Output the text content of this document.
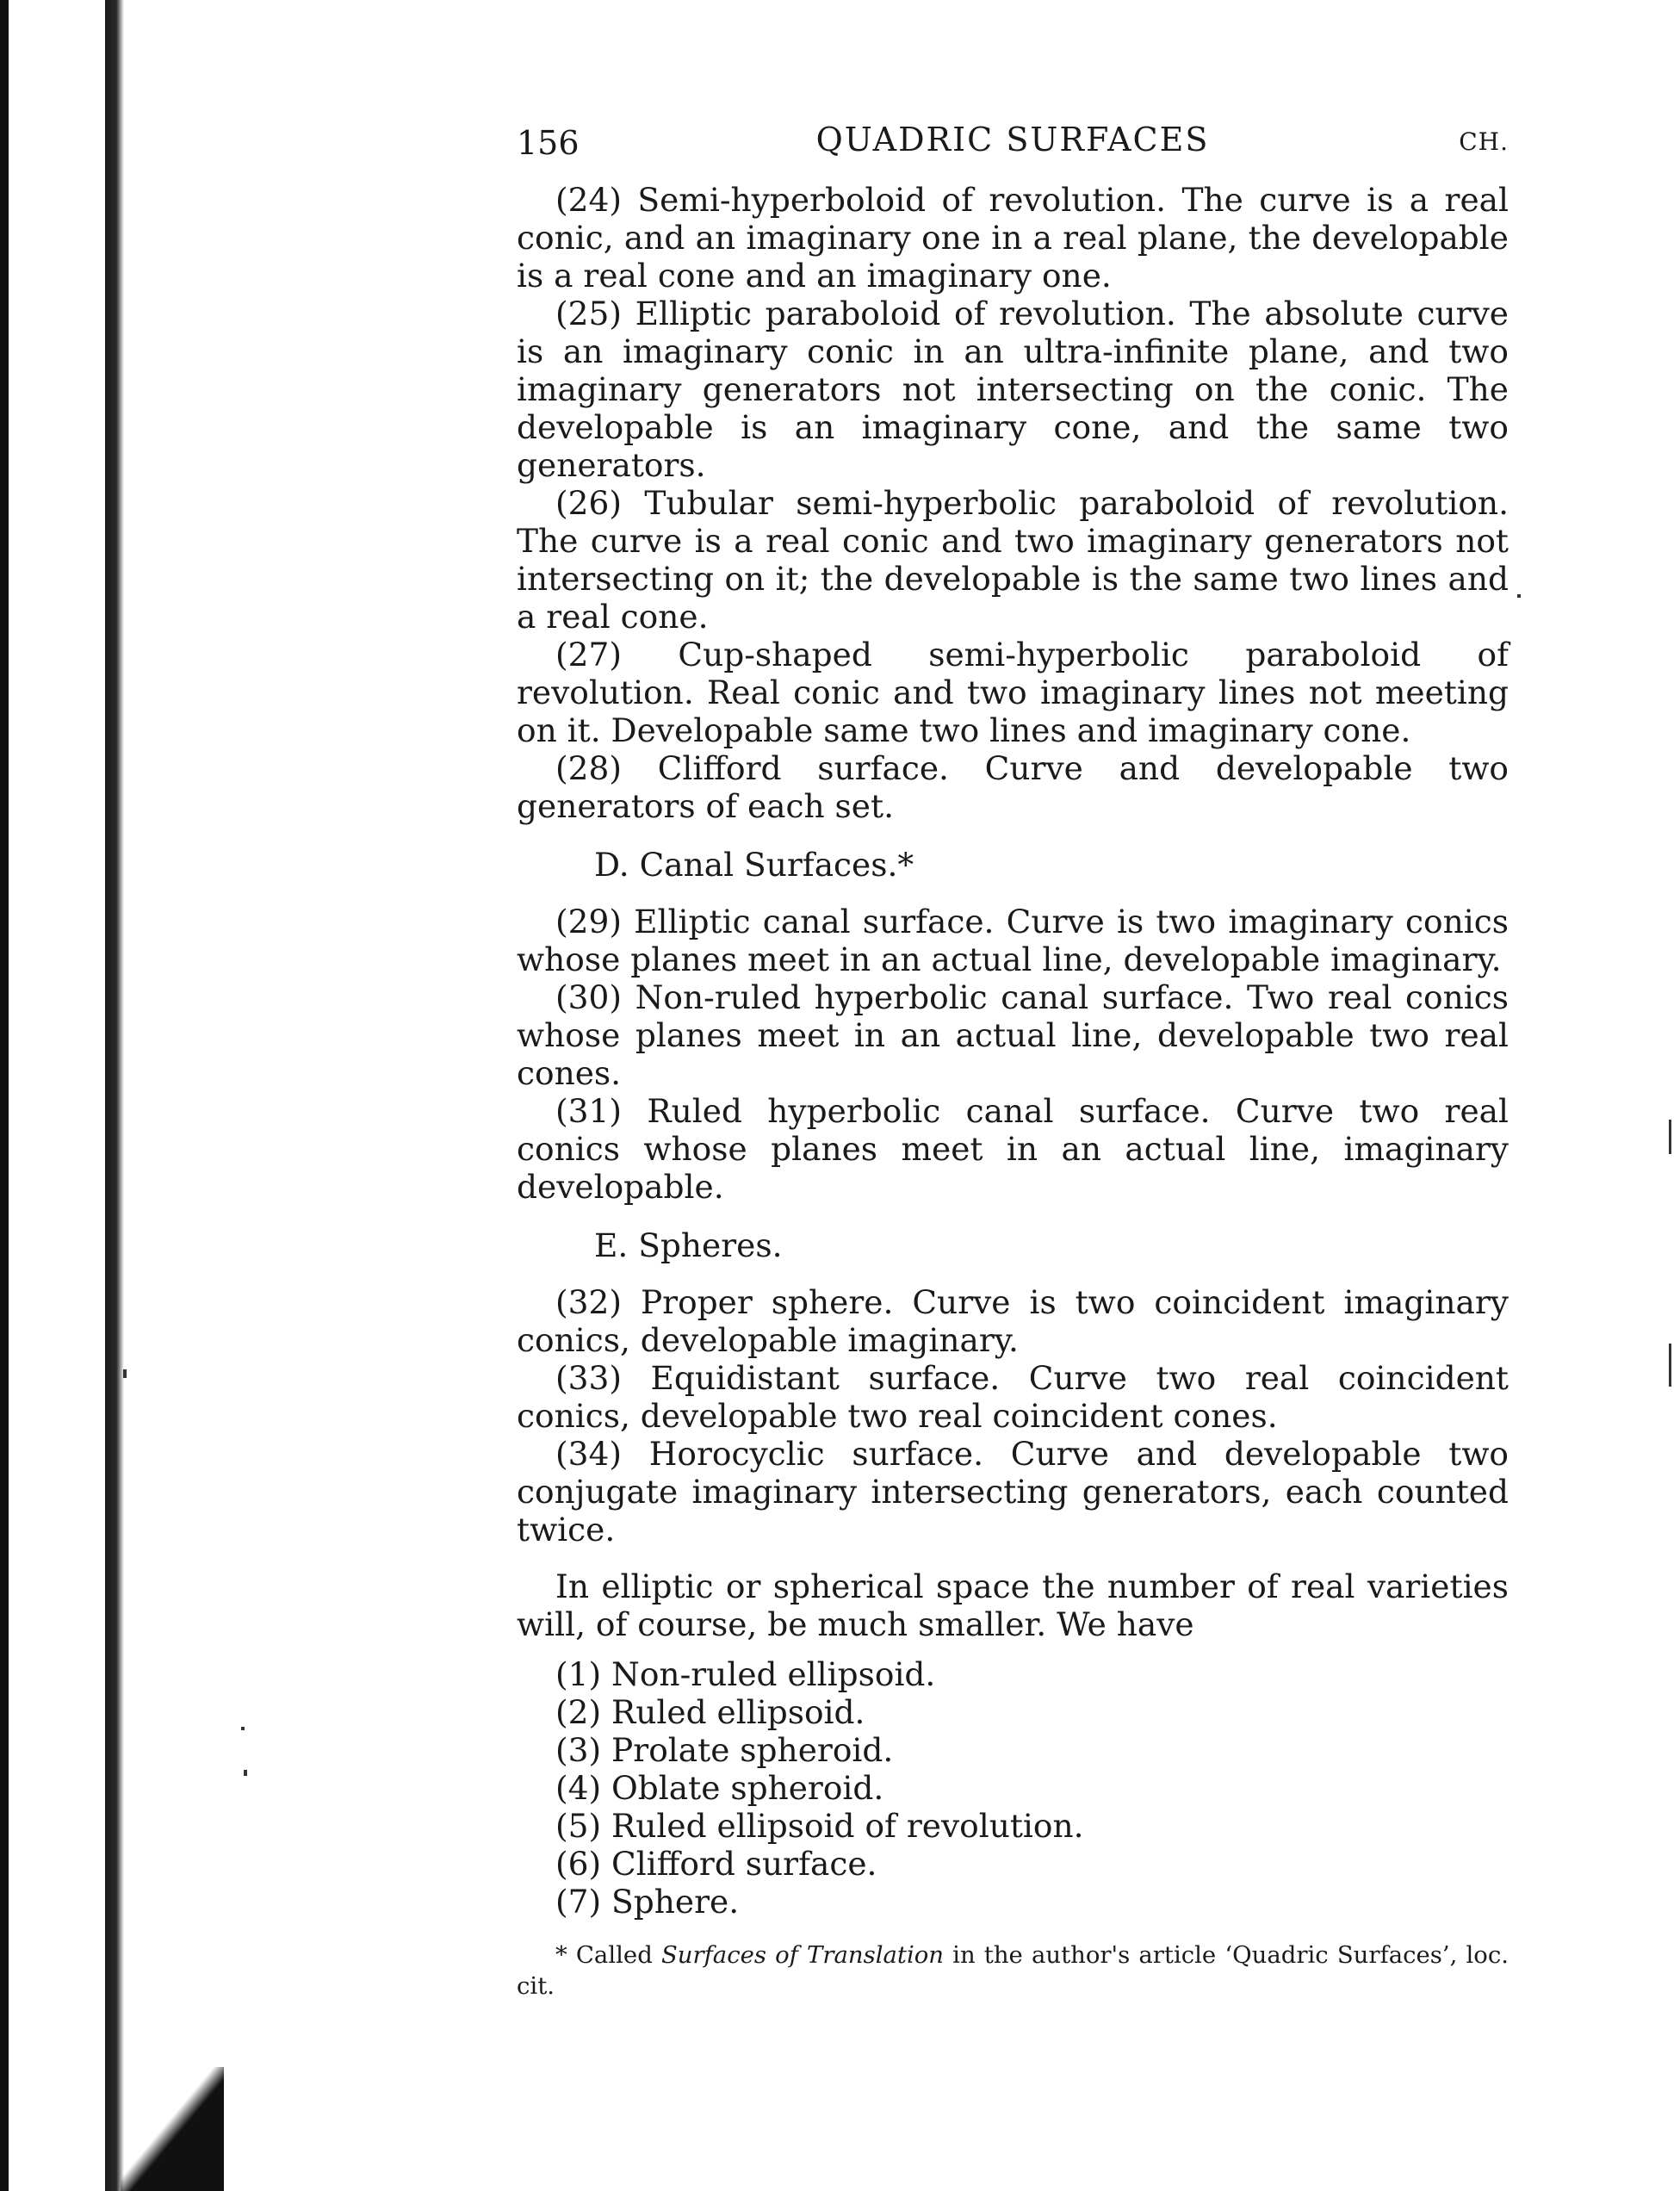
156	QUADRIC SURFACES	CH.

(24) Semi-hyperboloid of revolution. The curve is a real conic, and an imaginary one in a real plane, the developable is a real cone and an imaginary one.

(25) Elliptic paraboloid of revolution. The absolute curve is an imaginary conic in an ultra-infinite plane, and two imaginary generators not intersecting on the conic. The developable is an imaginary cone, and the same two generators.

(26) Tubular semi-hyperbolic paraboloid of revolution. The curve is a real conic and two imaginary generators not intersecting on it; the developable is the same two lines and a real cone.

(27) Cup-shaped semi-hyperbolic paraboloid of revolution. Real conic and two imaginary lines not meeting on it. Developable same two lines and imaginary cone.

(28) Clifford surface. Curve and developable two generators of each set.

D. Canal Surfaces.*

(29) Elliptic canal surface. Curve is two imaginary conics whose planes meet in an actual line, developable imaginary.

(30) Non-ruled hyperbolic canal surface. Two real conics whose planes meet in an actual line, developable two real cones.

(31) Ruled hyperbolic canal surface. Curve two real conics whose planes meet in an actual line, imaginary developable.

E. Spheres.

(32) Proper sphere. Curve is two coincident imaginary conics, developable imaginary.

(33) Equidistant surface. Curve two real coincident conics, developable two real coincident cones.

(34) Horocyclic surface. Curve and developable two conjugate imaginary intersecting generators, each counted twice.

In elliptic or spherical space the number of real varieties will, of course, be much smaller. We have

(1) Non-ruled ellipsoid.
(2) Ruled ellipsoid.
(3) Prolate spheroid.
(4) Oblate spheroid.
(5) Ruled ellipsoid of revolution.
(6) Clifford surface.
(7) Sphere.
* Called Surfaces of Translation in the author's article ‘Quadric Surfaces’, loc. cit.
